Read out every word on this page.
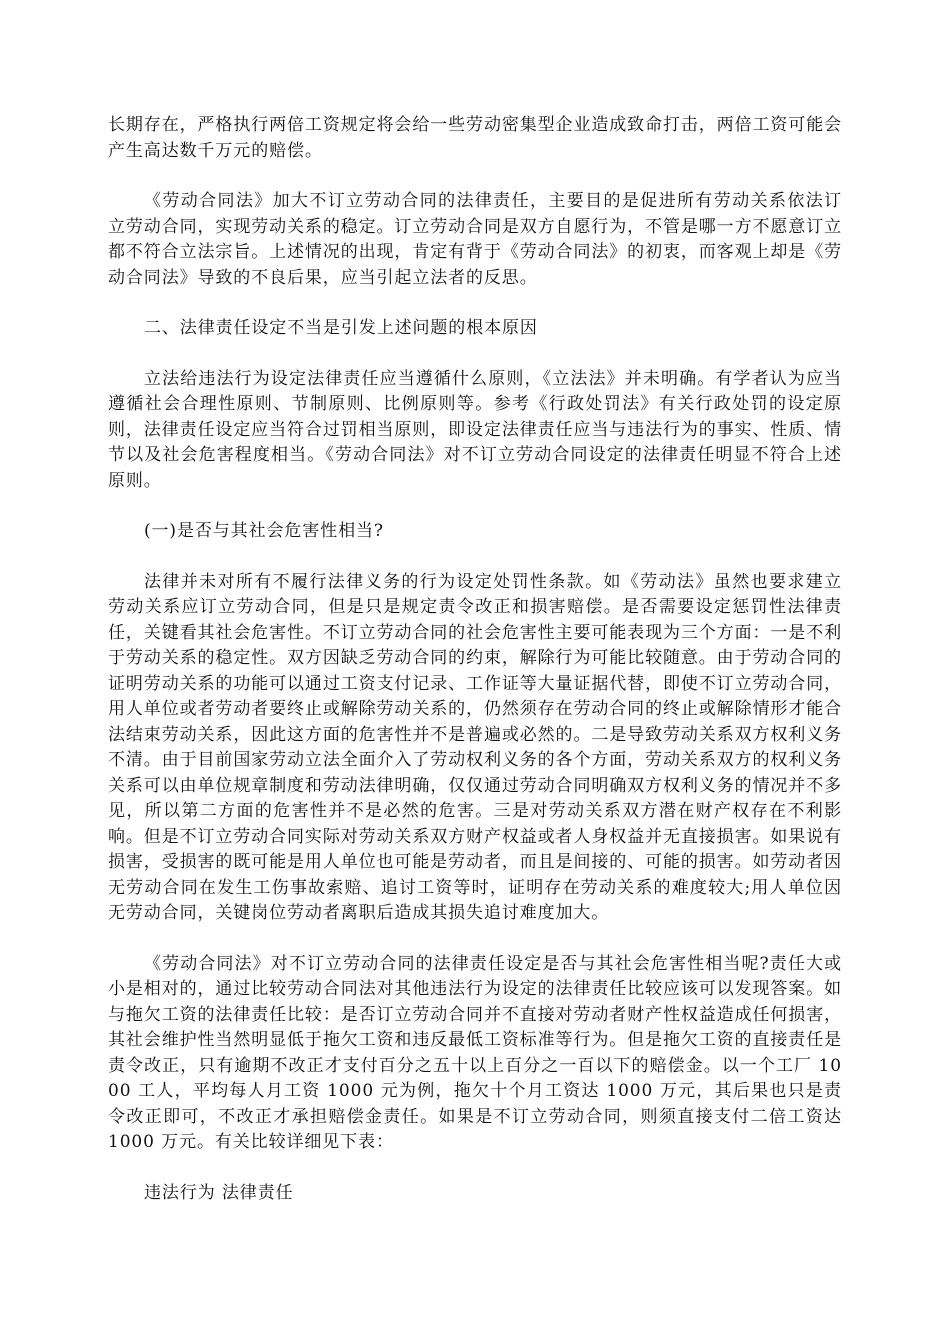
长期存在，严格执行两倍工资规定将会给一些劳动密集型企业造成致命打击，两倍工资可能会产生高达数千万元的赔偿。

《劳动合同法》加大不订立劳动合同的法律责任，主要目的是促进所有劳动关系依法订立劳动合同，实现劳动关系的稳定。订立劳动合同是双方自愿行为，不管是哪一方不愿意订立都不符合立法宗旨。上述情况的出现，肯定有背于《劳动合同法》的初衷，而客观上却是《劳动合同法》导致的不良后果，应当引起立法者的反思。

二、法律责任设定不当是引发上述问题的根本原因

立法给违法行为设定法律责任应当遵循什么原则，《立法法》并未明确。有学者认为应当遵循社会合理性原则、节制原则、比例原则等。参考《行政处罚法》有关行政处罚的设定原则，法律责任设定应当符合过罚相当原则，即设定法律责任应当与违法行为的事实、性质、情节以及社会危害程度相当。《劳动合同法》对不订立劳动合同设定的法律责任明显不符合上述原则。

(一)是否与其社会危害性相当?

法律并未对所有不履行法律义务的行为设定处罚性条款。如《劳动法》虽然也要求建立劳动关系应订立劳动合同，但是只是规定责令改正和损害赔偿。是否需要设定惩罚性法律责任，关键看其社会危害性。不订立劳动合同的社会危害性主要可能表现为三个方面：一是不利于劳动关系的稳定性。双方因缺乏劳动合同的约束，解除行为可能比较随意。由于劳动合同的证明劳动关系的功能可以通过工资支付记录、工作证等大量证据代替，即使不订立劳动合同，用人单位或者劳动者要终止或解除劳动关系的，仍然须存在劳动合同的终止或解除情形才能合法结束劳动关系，因此这方面的危害性并不是普遍或必然的。二是导致劳动关系双方权利义务不清。由于目前国家劳动立法全面介入了劳动权利义务的各个方面，劳动关系双方的权利义务关系可以由单位规章制度和劳动法律明确，仅仅通过劳动合同明确双方权利义务的情况并不多见，所以第二方面的危害性并不是必然的危害。三是对劳动关系双方潜在财产权存在不利影响。但是不订立劳动合同实际对劳动关系双方财产权益或者人身权益并无直接损害。如果说有损害，受损害的既可能是用人单位也可能是劳动者，而且是间接的、可能的损害。如劳动者因无劳动合同在发生工伤事故索赔、追讨工资等时，证明存在劳动关系的难度较大;用人单位因无劳动合同，关键岗位劳动者离职后造成其损失追讨难度加大。

《劳动合同法》对不订立劳动合同的法律责任设定是否与其社会危害性相当呢?责任大或小是相对的，通过比较劳动合同法对其他违法行为设定的法律责任比较应该可以发现答案。如与拖欠工资的法律责任比较：是否订立劳动合同并不直接对劳动者财产性权益造成任何损害，其社会维护性当然明显低于拖欠工资和违反最低工资标准等行为。但是拖欠工资的直接责任是责令改正，只有逾期不改正才支付百分之五十以上百分之一百以下的赔偿金。以一个工厂 1000 工人，平均每人月工资 1000 元为例，拖欠十个月工资达 1000 万元，其后果也只是责令改正即可，不改正才承担赔偿金责任。如果是不订立劳动合同，则须直接支付二倍工资达 1000 万元。有关比较详细见下表：

违法行为 法律责任
